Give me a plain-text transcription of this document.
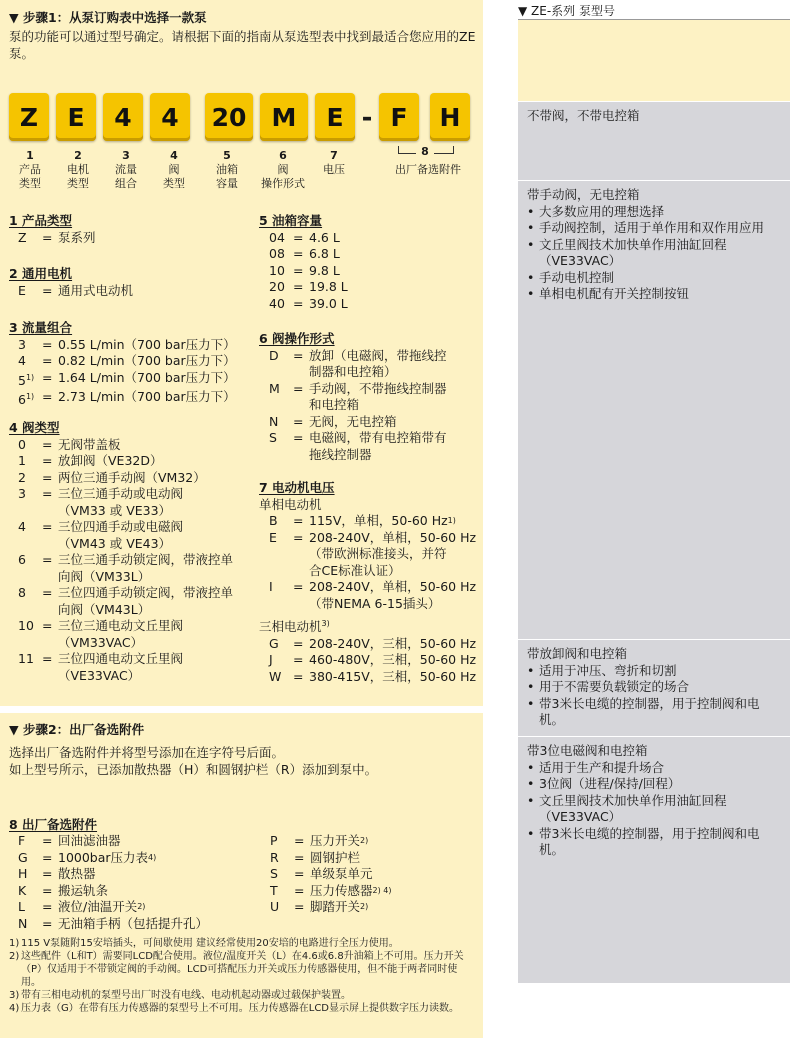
▼ 步骤1：从泵订购表中选择一款泵
泵的功能可以通过型号确定。请根据下面的指南从泵选型表中找到最适合您应用的ZE泵。
Z	E	4	4	20	M	E - F	H
1
产品
类型
2
电机
类型
3
流量
组合
4
阀
类型
5
油箱
容量
6
阀
操作形式
7
电压
8
出厂备选附件
1 产品类型
Z	= 泵系列
2 通用电机
E	= 通用式电动机
3 流量组合
3	= 0.55 L/min（700 bar压力下）
4	= 0.82 L/min（700 bar压力下）
$5^{1)} = 1.64$ L/min（700 bar压力下）
$6^{1)} = 2.73$ L/min（700 bar压力下）
4 阀类型
0	= 无阀带盖板
1	= 放卸阀（VE32D）
2	= 两位三通手动阀（VM32）
3	= 三位三通手动或电动阀
（VM33 或 VE33）
4	= 三位四通手动或电磁阀
（VM43 或 VE43）
6	= 三位三通手动锁定阀，带液控单
向阀（VM33L）
8	= 三位四通手动锁定阀，带液控单
向阀（VM43L）
10 = 三位三通电动文丘里阀
（VM33VAC）
11 = 三位四通电动文丘里阀
（VE33VAC）
5 油箱容量
04 = 4.6 L
08 = 6.8 L
10 = 9.8 L
20 = 19.8 L
40 = 39.0 L
6 阀操作形式
D	= 放卸（电磁阀，带拖线控
制器和电控箱）
M	= 手动阀，不带拖线控制器
和电控箱
N	= 无阀，无电控箱
S	= 电磁阀，带有电控箱带有
拖线控制器
7 电动机电压
单相电动机
B	= 115V，单相，50-60 Hz 1)
E	= 208-240V，单相，50-60 Hz
（带欧洲标准接头，并符
合CE标准认证）
I	= 208-240V，单相，50-60 Hz
（带NEMA 6-15插头）
三相电动机$^{3)}$
G	= 208-240V，三相，50-60 Hz
J	= 460-480V，三相，50-60 Hz
W = 380-415V，三相，50-60 Hz
▼ 步骤2：出厂备选附件
选择出厂备选附件并将型号添加在连字符号后面。
如上型号所示，已添加散热器（H）和圆钢护栏（R）添加到泵中。
8 出厂备选附件
F	= 回油滤油器
G	= 1000bar压力表 4)
H	= 散热器
K	= 搬运轨条
L	= 液位/油温开关 2)
N	= 无油箱手柄（包括提升孔）
P	= 压力开关 2)
R	= 圆钢护栏
S	= 单级泵单元
T	= 压力传感器 2) 4)
U	= 脚踏开关 2)
1) 115 V泵随附15安培插头，可间歇使用 建议经常使用20安培的电路进行全压力使用。
2) 这些配件（L和T）需要同LCD配合使用。液位/温度开关（L）在4.6或6.8升油箱上不可用。压力开关（P）仅适用于不带锁定阀的手动阀。LCD可搭配压力开关或压力传感器使用，但不能于两者同时使用。
3) 带有三相电动机的泵型号出厂时没有电线、电动机起动器或过载保护装置。
4) 压力表（G）在带有压力传感器的泵型号上不可用。压力传感器在LCD显示屏上提供数字压力读数。
▼ ZE-系列 泵型号
不带阀，不带电控箱
带手动阀，无电控箱
• 大多数应用的理想选择
• 手动阀控制，适用于单作用和双作用应用
• 文丘里阀技术加快单作用油缸回程（VE33VAC）
• 手动电机控制
• 单相电机配有开关控制按钮
带放卸阀和电控箱
• 适用于冲压、弯折和切割
• 用于不需要负载锁定的场合
• 带3米长电缆的控制器，用于控制阀和电机。
带3位电磁阀和电控箱
• 适用于生产和提升场合
• 3位阀（进程/保持/回程）
• 文丘里阀技术加快单作用油缸回程（VE33VAC）
• 带3米长电缆的控制器，用于控制阀和电机。
